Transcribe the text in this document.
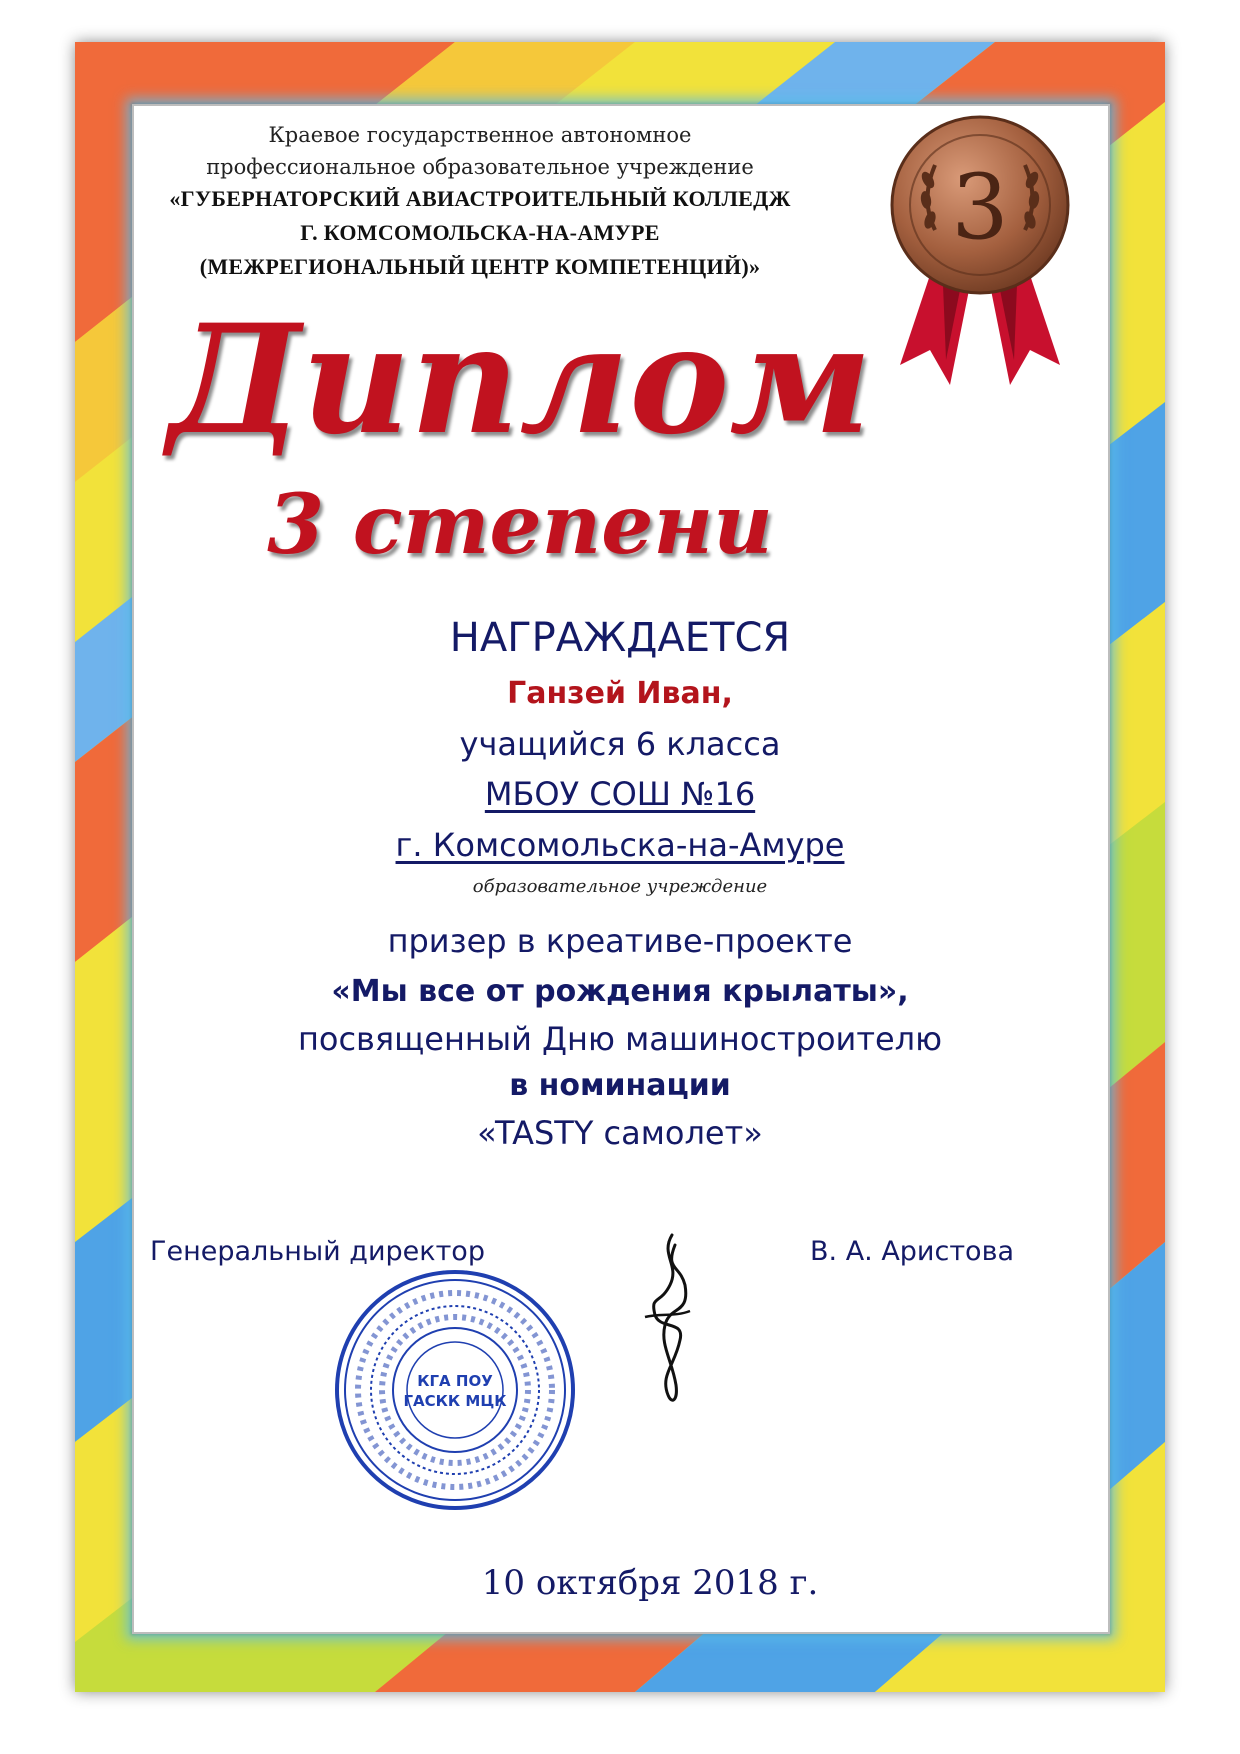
Краевое государственное автономное
профессиональное образовательное учреждение
«ГУБЕРНАТОРСКИЙ АВИАСТРОИТЕЛЬНЫЙ КОЛЛЕДЖ
Г. КОМСОМОЛЬСКА-НА-АМУРЕ
(МЕЖРЕГИОНАЛЬНЫЙ ЦЕНТР КОМПЕТЕНЦИЙ)»
3
Диплом
3 степени
НАГРАЖДАЕТСЯ
Ганзей Иван,
учащийся 6 класса
МБОУ СОШ №16
г. Комсомольска-на-Амуре
образовательное учреждение
призер в креативе-проекте
«Мы все от рождения крылаты»,
посвященный Дню машиностроителю
в номинации
«TASTY самолет»
Генеральный директор	В. А. Аристова
КГА ПОУ
ГАСКК МЦК
10 октября 2018 г.
